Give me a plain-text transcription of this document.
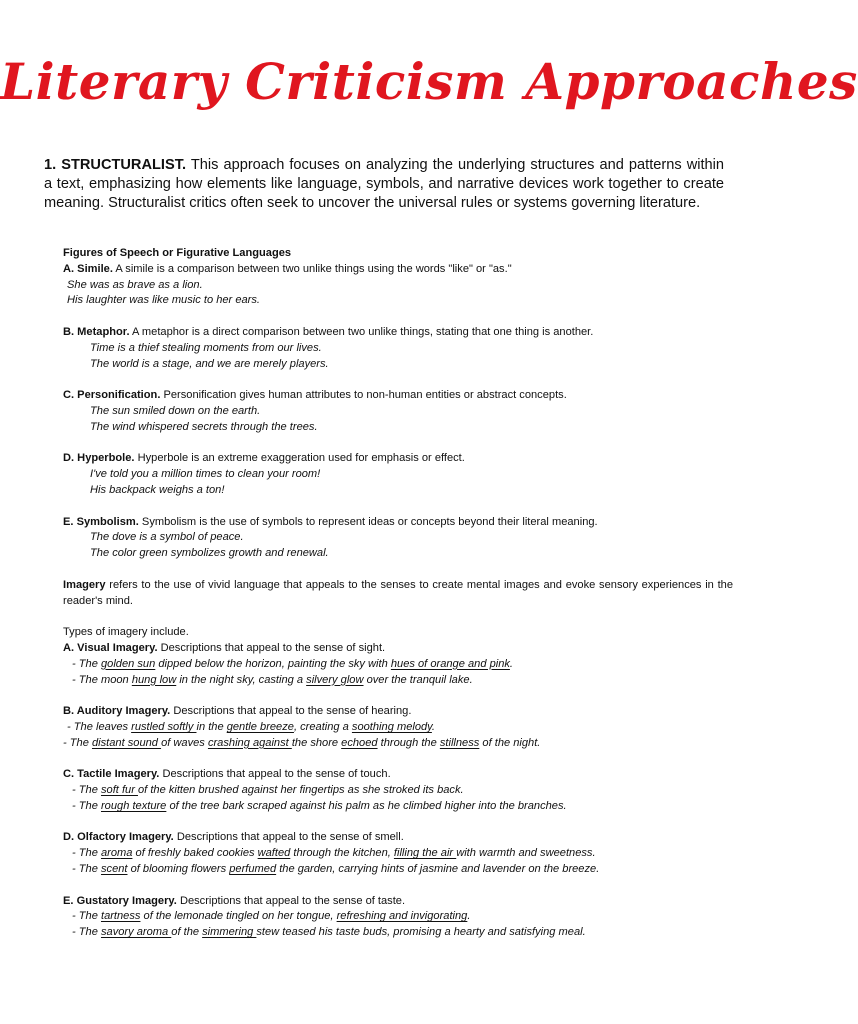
Literary Criticism Approaches
1. STRUCTURALIST. This approach focuses on analyzing the underlying structures and patterns within a text, emphasizing how elements like language, symbols, and narrative devices work together to create meaning. Structuralist critics often seek to uncover the universal rules or systems governing literature.

Figures of Speech or Figurative Languages

A. Simile. A simile is a comparison between two unlike things using the words "like" or "as."

She was as brave as a lion.

His laughter was like music to her ears.

B. Metaphor. A metaphor is a direct comparison between two unlike things, stating that one thing is another.

Time is a thief stealing moments from our lives.

The world is a stage, and we are merely players.

C. Personification. Personification gives human attributes to non-human entities or abstract concepts.

The sun smiled down on the earth.

The wind whispered secrets through the trees.

D. Hyperbole. Hyperbole is an extreme exaggeration used for emphasis or effect.

I've told you a million times to clean your room!

His backpack weighs a ton!

E. Symbolism. Symbolism is the use of symbols to represent ideas or concepts beyond their literal meaning.

The dove is a symbol of peace.

The color green symbolizes growth and renewal.

Imagery refers to the use of vivid language that appeals to the senses to create mental images and evoke sensory experiences in the reader's mind.

Types of imagery include.

A. Visual Imagery. Descriptions that appeal to the sense of sight.

- The golden sun dipped below the horizon, painting the sky with hues of orange and pink.

- The moon hung low in the night sky, casting a silvery glow over the tranquil lake.

B. Auditory Imagery. Descriptions that appeal to the sense of hearing.

- The leaves rustled softly in the gentle breeze, creating a soothing melody.

- The distant sound of waves crashing against the shore echoed through the stillness of the night.

C. Tactile Imagery. Descriptions that appeal to the sense of touch.

- The soft fur of the kitten brushed against her fingertips as she stroked its back.

- The rough texture of the tree bark scraped against his palm as he climbed higher into the branches.

D. Olfactory Imagery. Descriptions that appeal to the sense of smell.

- The aroma of freshly baked cookies wafted through the kitchen, filling the air with warmth and sweetness.

- The scent of blooming flowers perfumed the garden, carrying hints of jasmine and lavender on the breeze.

E. Gustatory Imagery. Descriptions that appeal to the sense of taste.

- The tartness of the lemonade tingled on her tongue, refreshing and invigorating.

- The savory aroma of the simmering stew teased his taste buds, promising a hearty and satisfying meal.
